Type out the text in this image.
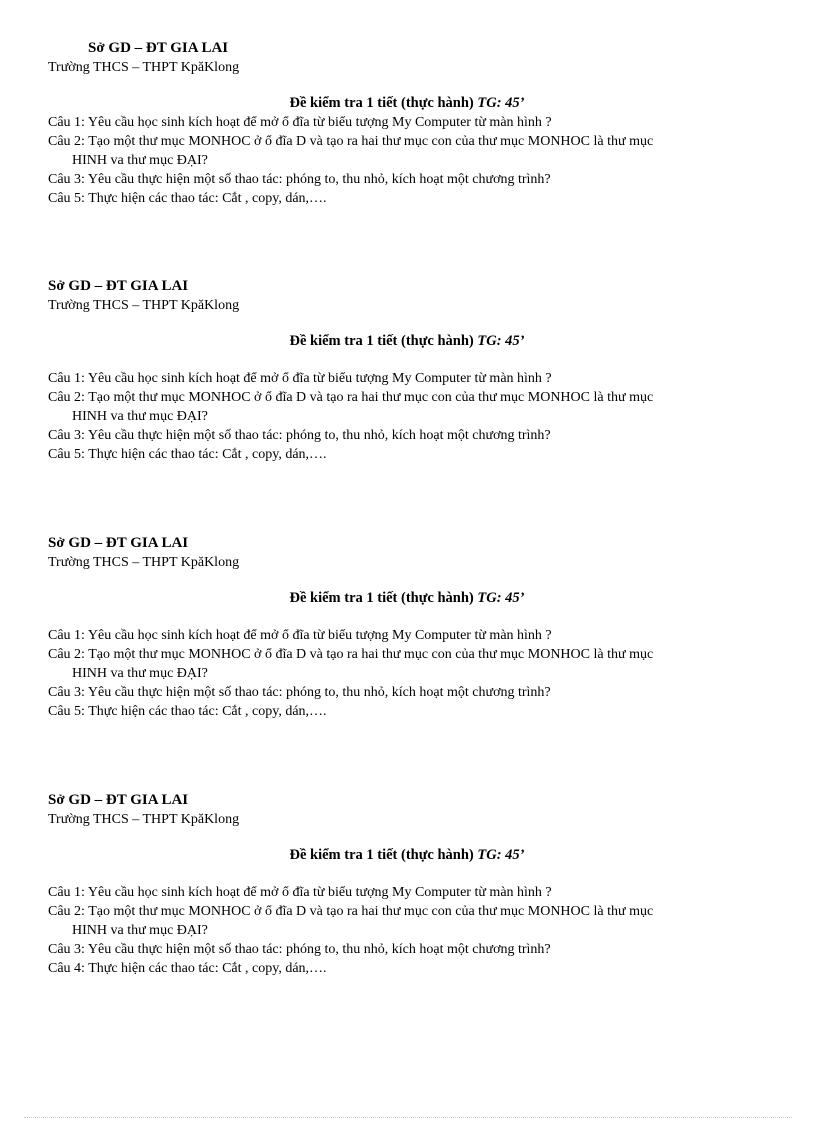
Sở GD – ĐT GIA LAI
Trường THCS – THPT KpăKlong
Đề kiểm tra 1 tiết (thực hành) TG: 45’
Câu 1: Yêu cầu học sinh kích hoạt để mở ổ đĩa từ biểu tượng My Computer từ màn hình ?
Câu 2: Tạo một thư mục MONHOC ở ổ đĩa D và tạo ra hai thư mục con của thư mục MONHOC là thư mục
HINH va thư mục ĐẠI?
Câu 3: Yêu cầu thực hiện một số thao tác: phóng to, thu nhỏ, kích hoạt một chương trình?
Câu 5: Thực hiện các thao tác: Cắt , copy, dán,….
Sở GD – ĐT GIA LAI
Trường THCS – THPT KpăKlong
Đề kiểm tra 1 tiết (thực hành) TG: 45’
Câu 1: Yêu cầu học sinh kích hoạt để mở ổ đĩa từ biểu tượng My Computer từ màn hình ?
Câu 2: Tạo một thư mục MONHOC ở ổ đĩa D và tạo ra hai thư mục con của thư mục MONHOC là thư mục
HINH va thư mục ĐẠI?
Câu 3: Yêu cầu thực hiện một số thao tác: phóng to, thu nhỏ, kích hoạt một chương trình?
Câu 5: Thực hiện các thao tác: Cắt , copy, dán,….
Sở GD – ĐT GIA LAI
Trường THCS – THPT KpăKlong
Đề kiểm tra 1 tiết (thực hành) TG: 45’
Câu 1: Yêu cầu học sinh kích hoạt để mở ổ đĩa từ biểu tượng My Computer từ màn hình ?
Câu 2: Tạo một thư mục MONHOC ở ổ đĩa D và tạo ra hai thư mục con của thư mục MONHOC là thư mục
HINH va thư mục ĐẠI?
Câu 3: Yêu cầu thực hiện một số thao tác: phóng to, thu nhỏ, kích hoạt một chương trình?
Câu 5: Thực hiện các thao tác: Cắt , copy, dán,….
Sở GD – ĐT GIA LAI
Trường THCS – THPT KpăKlong
Đề kiểm tra 1 tiết (thực hành) TG: 45’
Câu 1: Yêu cầu học sinh kích hoạt để mở ổ đĩa từ biểu tượng My Computer từ màn hình ?
Câu 2: Tạo một thư mục MONHOC ở ổ đĩa D và tạo ra hai thư mục con của thư mục MONHOC là thư mục
HINH va thư mục ĐẠI?
Câu 3: Yêu cầu thực hiện một số thao tác: phóng to, thu nhỏ, kích hoạt một chương trình?
Câu 4: Thực hiện các thao tác: Cắt , copy, dán,….
